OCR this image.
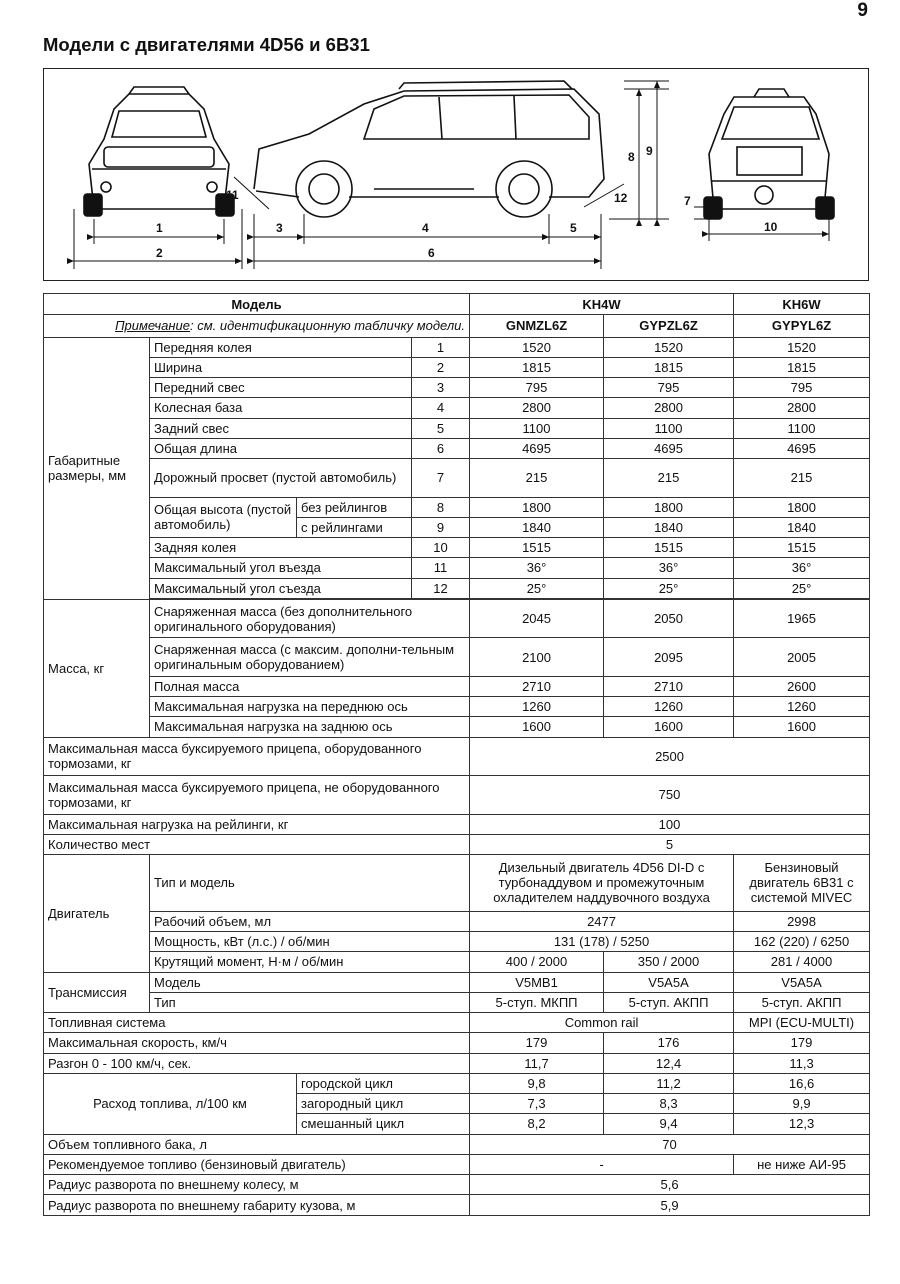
9
Модели с двигателями 4D56 и 6B31
1
2
3	4	5
6
7
8 9
10
11	12
Модель				KH4W		KH6W
Примечание: см. идентификационную табличку модели.				GNMZL6Z	GYPZL6Z	GYPYL6Z
Габаритные размеры, мм	Передняя колея		1	1520	1520	1520
	Ширина		2	1815	1815	1815
	Передний свес		3	795	795	795
	Колесная база		4	2800	2800	2800
	Задний свес		5	1100	1100	1100
	Общая длина		6	4695	4695	4695
	Дорожный просвет (пустой автомобиль)		7	215	215	215
	Общая высота (пустой автомобиль)	без рейлингов	8	1800	1800	1800
		с рейлингами	9	1840	1840	1840
	Задняя колея		10	1515	1515	1515
	Максимальный угол въезда		11	36°	36°	36°
	Максимальный угол съезда		12	25°	25°	25°

Масса, кг	Снаряженная масса (без дополнительного оригинального оборудования)			2045	2050	1965
	Снаряженная масса (с максим. дополни-тельным оригинальным оборудованием)			2100	2095	2005
	Полная масса			2710	2710	2600
	Максимальная нагрузка на переднюю ось			1260	1260	1260
	Максимальная нагрузка на заднюю ось			1600	1600	1600
Максимальная масса буксируемого прицепа, оборудованного тормозами, кг				2500		
Максимальная масса буксируемого прицепа, не оборудованного тормозами, кг				750		
Максимальная нагрузка на рейлинги, кг				100		
Количество мест				5		
Двигатель	Тип и модель			Дизельный двигатель 4D56 DI-D с турбонаддувом и промежуточным охладителем наддувочного воздуха		Бензиновый двигатель 6B31 с системой MIVEC
	Рабочий объем, мл			2477		2998
	Мощность, кВт (л.с.) / об/мин			131 (178) / 5250		162 (220) / 6250
	Крутящий момент, Н·м / об/мин			400 / 2000	350 / 2000	281 / 4000
Трансмиссия	Модель			V5MB1	V5A5A	V5A5A
	Тип			5-ступ. МКПП	5-ступ. АКПП	5-ступ. АКПП
Топливная система				Common rail		MPI (ECU-MULTI)
Максимальная скорость, км/ч				179	176	179
Разгон 0 - 100 км/ч, сек.				11,7	12,4	11,3
Расход топлива, л/100 км		городской цикл		9,8	11,2	16,6
		загородный цикл		7,3	8,3	9,9
		смешанный цикл		8,2	9,4	12,3
Объем топливного бака, л				70		
Рекомендуемое топливо (бензиновый двигатель)				-		не ниже АИ-95
Радиус разворота по внешнему колесу, м				5,6		
Радиус разворота по внешнему габариту кузова, м				5,9		
